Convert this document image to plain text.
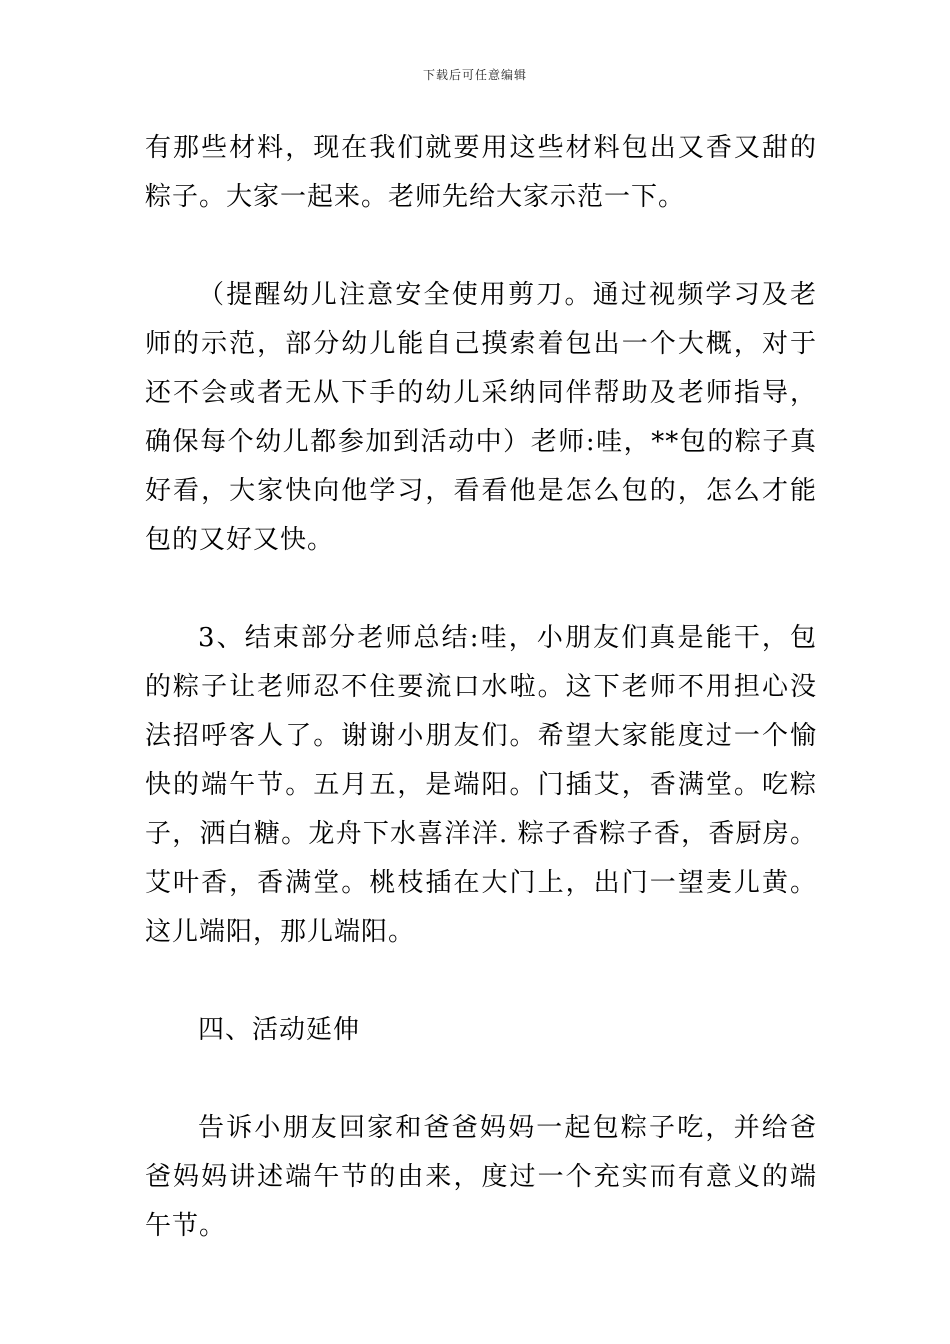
下载后可任意编辑

有那些材料，现在我们就要用这些材料包出又香又甜的粽子。大家一起来。老师先给大家示范一下。

（提醒幼儿注意安全使用剪刀。通过视频学习及老师的示范，部分幼儿能自己摸索着包出一个大概，对于还不会或者无从下手的幼儿采纳同伴帮助及老师指导，确保每个幼儿都参加到活动中）老师:哇，**包的粽子真好看，大家快向他学习，看看他是怎么包的，怎么才能包的又好又快。

3、结束部分老师总结:哇，小朋友们真是能干，包的粽子让老师忍不住要流口水啦。这下老师不用担心没法招呼客人了。谢谢小朋友们。希望大家能度过一个愉快的端午节。五月五，是端阳。门插艾，香满堂。吃粽子，洒白糖。龙舟下水喜洋洋. 粽子香粽子香，香厨房。艾叶香，香满堂。桃枝插在大门上，出门一望麦儿黄。这儿端阳，那儿端阳。

四、活动延伸

告诉小朋友回家和爸爸妈妈一起包粽子吃，并给爸爸妈妈讲述端午节的由来，度过一个充实而有意义的端午节。
